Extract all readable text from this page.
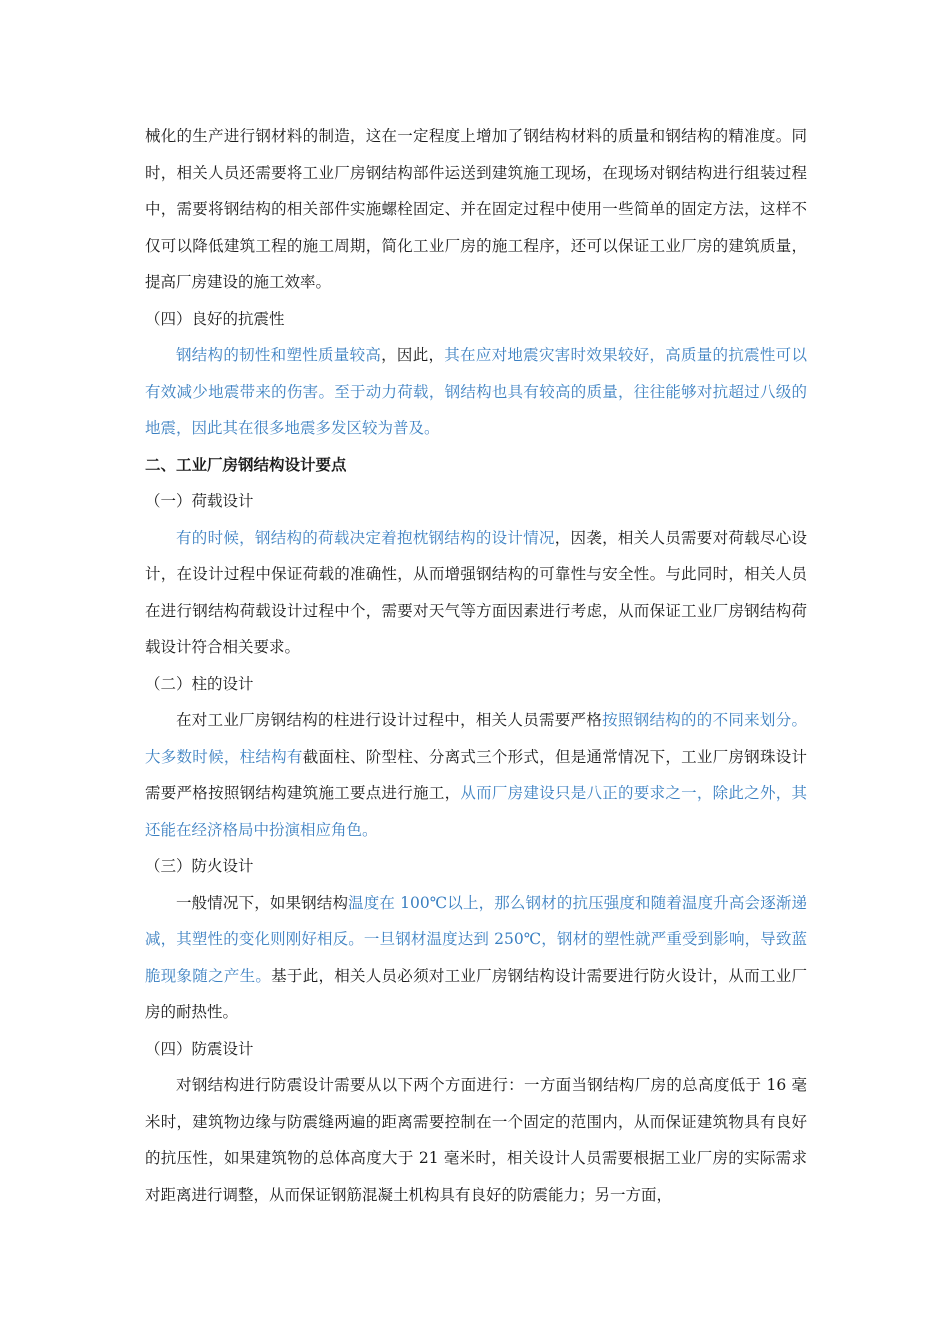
械化的生产进行钢材料的制造，这在一定程度上增加了钢结构材料的质量和钢结构的精准度。同时，相关人员还需要将工业厂房钢结构部件运送到建筑施工现场，在现场对钢结构进行组装过程中，需要将钢结构的相关部件实施螺栓固定、并在固定过程中使用一些简单的固定方法，这样不仅可以降低建筑工程的施工周期，简化工业厂房的施工程序，还可以保证工业厂房的建筑质量，提高厂房建设的施工效率。

（四）良好的抗震性

钢结构的韧性和塑性质量较高，因此，其在应对地震灾害时效果较好，高质量的抗震性可以有效减少地震带来的伤害。至于动力荷载，钢结构也具有较高的质量，往往能够对抗超过八级的地震，因此其在很多地震多发区较为普及。

二、工业厂房钢结构设计要点

（一）荷载设计

有的时候，钢结构的荷载决定着抱枕钢结构的设计情况，因袭，相关人员需要对荷载尽心设计，在设计过程中保证荷载的准确性，从而增强钢结构的可靠性与安全性。与此同时，相关人员在进行钢结构荷载设计过程中个，需要对天气等方面因素进行考虑，从而保证工业厂房钢结构荷载设计符合相关要求。

（二）柱的设计

在对工业厂房钢结构的柱进行设计过程中，相关人员需要严格按照钢结构的的不同来划分。大多数时候，柱结构有截面柱、阶型柱、分离式三个形式，但是通常情况下，工业厂房钢珠设计需要严格按照钢结构建筑施工要点进行施工，从而厂房建设只是八正的要求之一，除此之外，其还能在经济格局中扮演相应角色。

（三）防火设计

一般情况下，如果钢结构温度在 100℃以上，那么钢材的抗压强度和随着温度升高会逐渐递减，其塑性的变化则刚好相反。一旦钢材温度达到 250℃，钢材的塑性就严重受到影响，导致蓝脆现象随之产生。基于此，相关人员必须对工业厂房钢结构设计需要进行防火设计，从而工业厂房的耐热性。

（四）防震设计

对钢结构进行防震设计需要从以下两个方面进行：一方面当钢结构厂房的总高度低于 16 毫米时，建筑物边缘与防震缝两遍的距离需要控制在一个固定的范围内，从而保证建筑物具有良好的抗压性，如果建筑物的总体高度大于 21 毫米时，相关设计人员需要根据工业厂房的实际需求对距离进行调整，从而保证钢筋混凝土机构具有良好的防震能力；另一方面，
